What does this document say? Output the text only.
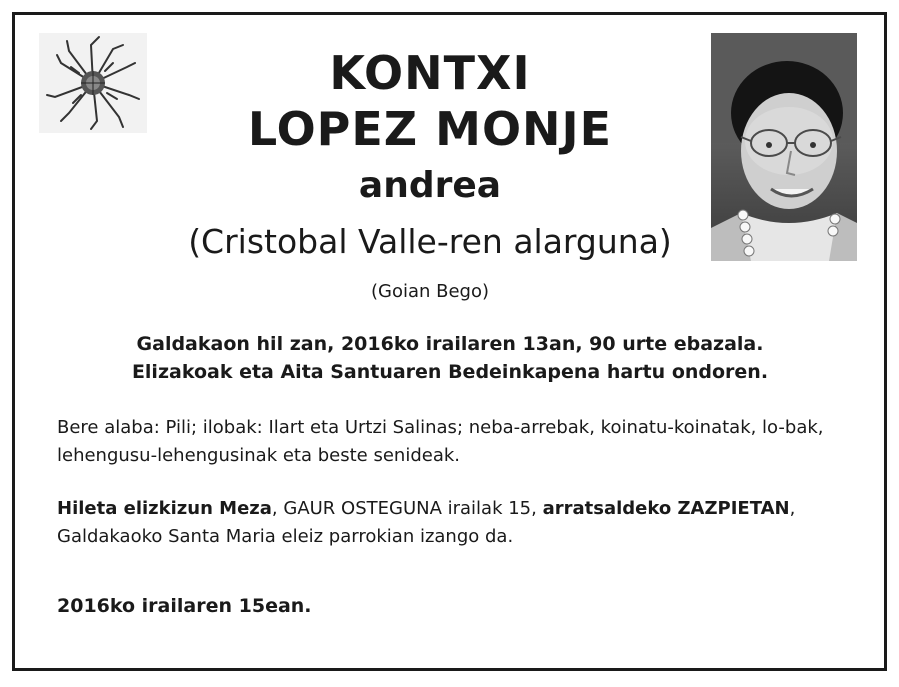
KONTXI
LOPEZ MONJE
andrea
(Cristobal Valle-ren alarguna)
(Goian Bego)
Galdakaon hil zan, 2016ko irailaren 13an, 90 urte ebazala.
Elizakoak eta Aita Santuaren Bedeinkapena hartu ondoren.
Bere alaba: Pili; ilobak: Ilart eta Urtzi Salinas; neba-arrebak, koinatu-koinatak, lo-bak, lehengusu-lehengusinak eta beste senideak.
Hileta elizkizun Meza, GAUR OSTEGUNA irailak 15, arratsaldeko ZAZPIETAN, Galdakaoko Santa Maria eleiz parrokian izango da.
2016ko irailaren 15ean.
